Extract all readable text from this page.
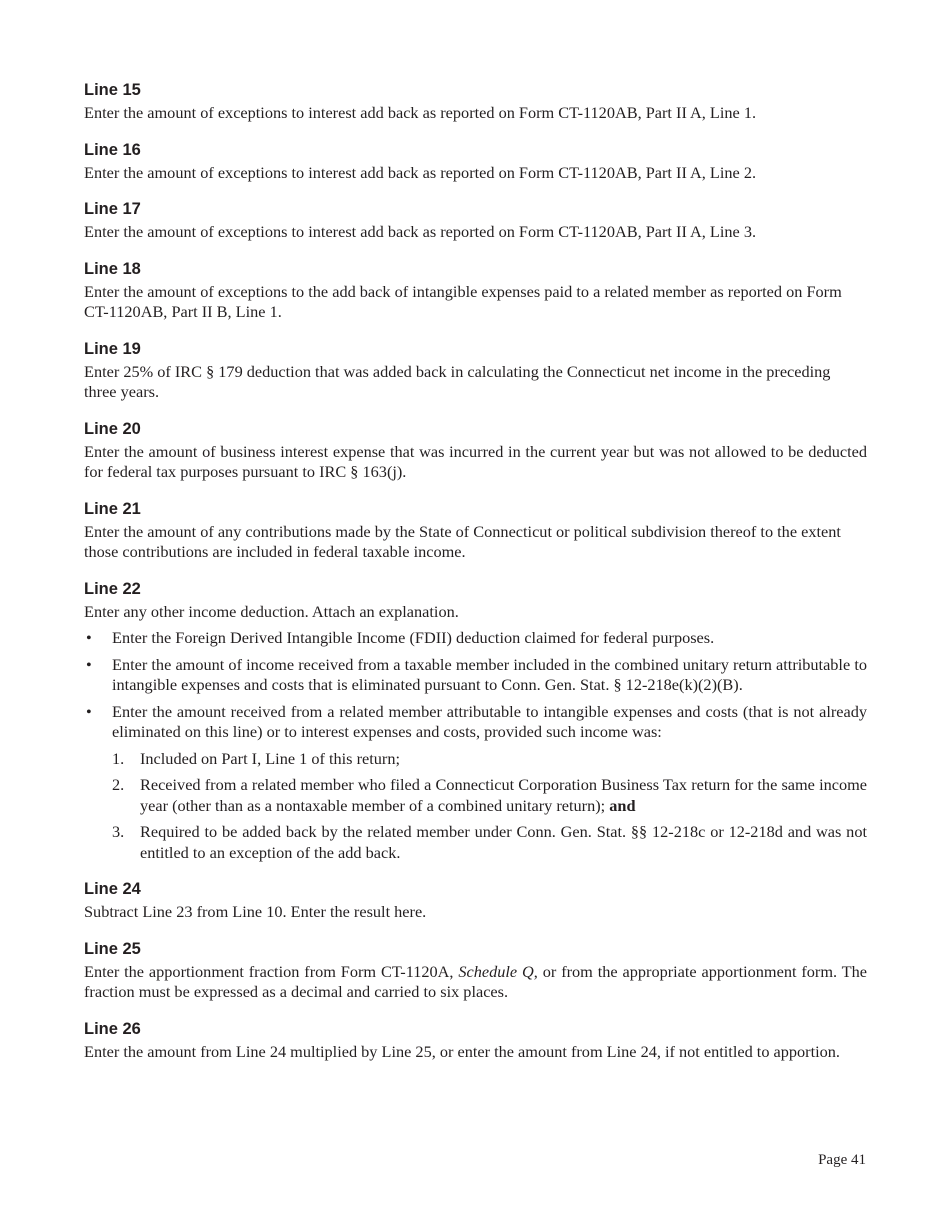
Line 15
Enter the amount of exceptions to interest add back as reported on Form CT-1120AB, Part II A, Line 1.
Line 16
Enter the amount of exceptions to interest add back as reported on Form CT-1120AB, Part II A, Line 2.
Line 17
Enter the amount of exceptions to interest add back as reported on Form CT-1120AB, Part II A, Line 3.
Line 18
Enter the amount of exceptions to the add back of intangible expenses paid to a related member as reported on Form CT-1120AB, Part II B, Line 1.
Line 19
Enter 25% of IRC § 179 deduction that was added back in calculating the Connecticut net income in the preceding three years.
Line 20
Enter the amount of business interest expense that was incurred in the current year but was not allowed to be deducted for federal tax purposes pursuant to IRC § 163(j).
Line 21
Enter the amount of any contributions made by the State of Connecticut or political subdivision thereof to the extent those contributions are included in federal taxable income.
Line 22
Enter any other income deduction. Attach an explanation.
• Enter the Foreign Derived Intangible Income (FDII) deduction claimed for federal purposes.
• Enter the amount of income received from a taxable member included in the combined unitary return attributable to intangible expenses and costs that is eliminated pursuant to Conn. Gen. Stat. § 12-218e(k)(2)(B).
• Enter the amount received from a related member attributable to intangible expenses and costs (that is not already eliminated on this line) or to interest expenses and costs, provided such income was:
1. Included on Part I, Line 1 of this return;
2. Received from a related member who filed a Connecticut Corporation Business Tax return for the same income year (other than as a nontaxable member of a combined unitary return); and
3. Required to be added back by the related member under Conn. Gen. Stat. §§ 12-218c or 12-218d and was not entitled to an exception of the add back.
Line 24
Subtract Line 23 from Line 10. Enter the result here.
Line 25
Enter the apportionment fraction from Form CT-1120A, Schedule Q, or from the appropriate apportionment form. The fraction must be expressed as a decimal and carried to six places.
Line 26
Enter the amount from Line 24 multiplied by Line 25, or enter the amount from Line 24, if not entitled to apportion.
Page 41
